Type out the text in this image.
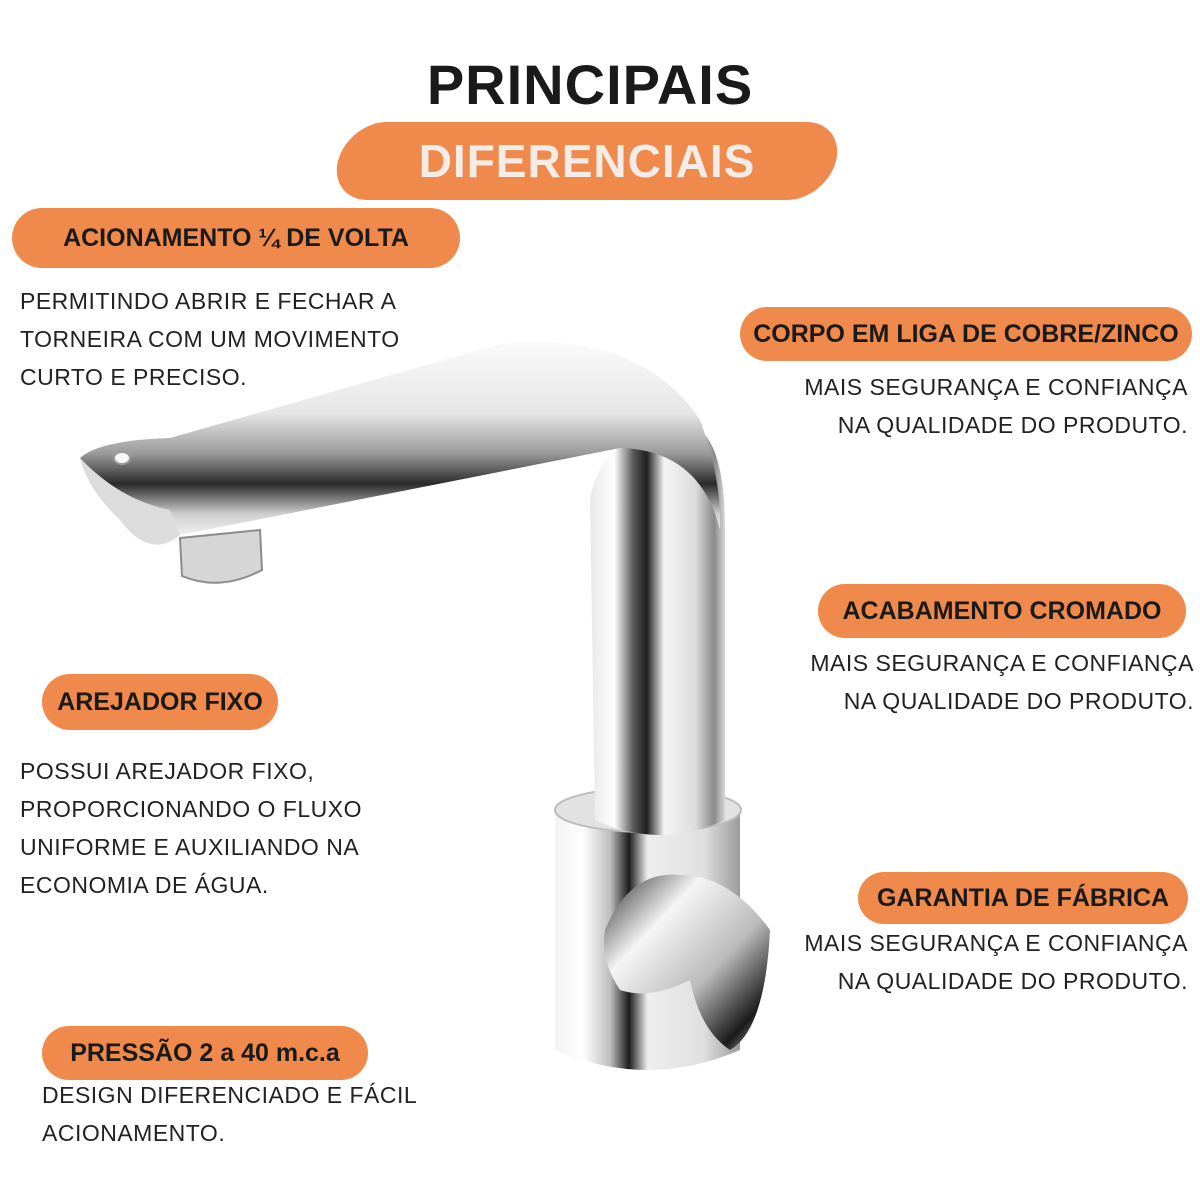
PRINCIPAIS
DIFERENCIAIS
ACIONAMENTO ¼ DE VOLTA
PERMITINDO ABRIR E FECHAR A
TORNEIRA COM UM MOVIMENTO
CURTO E PRECISO.
CORPO EM LIGA DE COBRE/ZINCO
MAIS SEGURANÇA E CONFIANÇA
NA QUALIDADE DO PRODUTO.
ACABAMENTO CROMADO
MAIS SEGURANÇA E CONFIANÇA
NA QUALIDADE DO PRODUTO.
AREJADOR FIXO
POSSUI AREJADOR FIXO,
PROPORCIONANDO O FLUXO
UNIFORME E AUXILIANDO NA
ECONOMIA DE ÁGUA.	GARANTIA DE FÁBRICA
MAIS SEGURANÇA E CONFIANÇA
NA QUALIDADE DO PRODUTO.
PRESSÃO 2 a 40 m.c.a
DESIGN DIFERENCIADO E FÁCIL
ACIONAMENTO.
